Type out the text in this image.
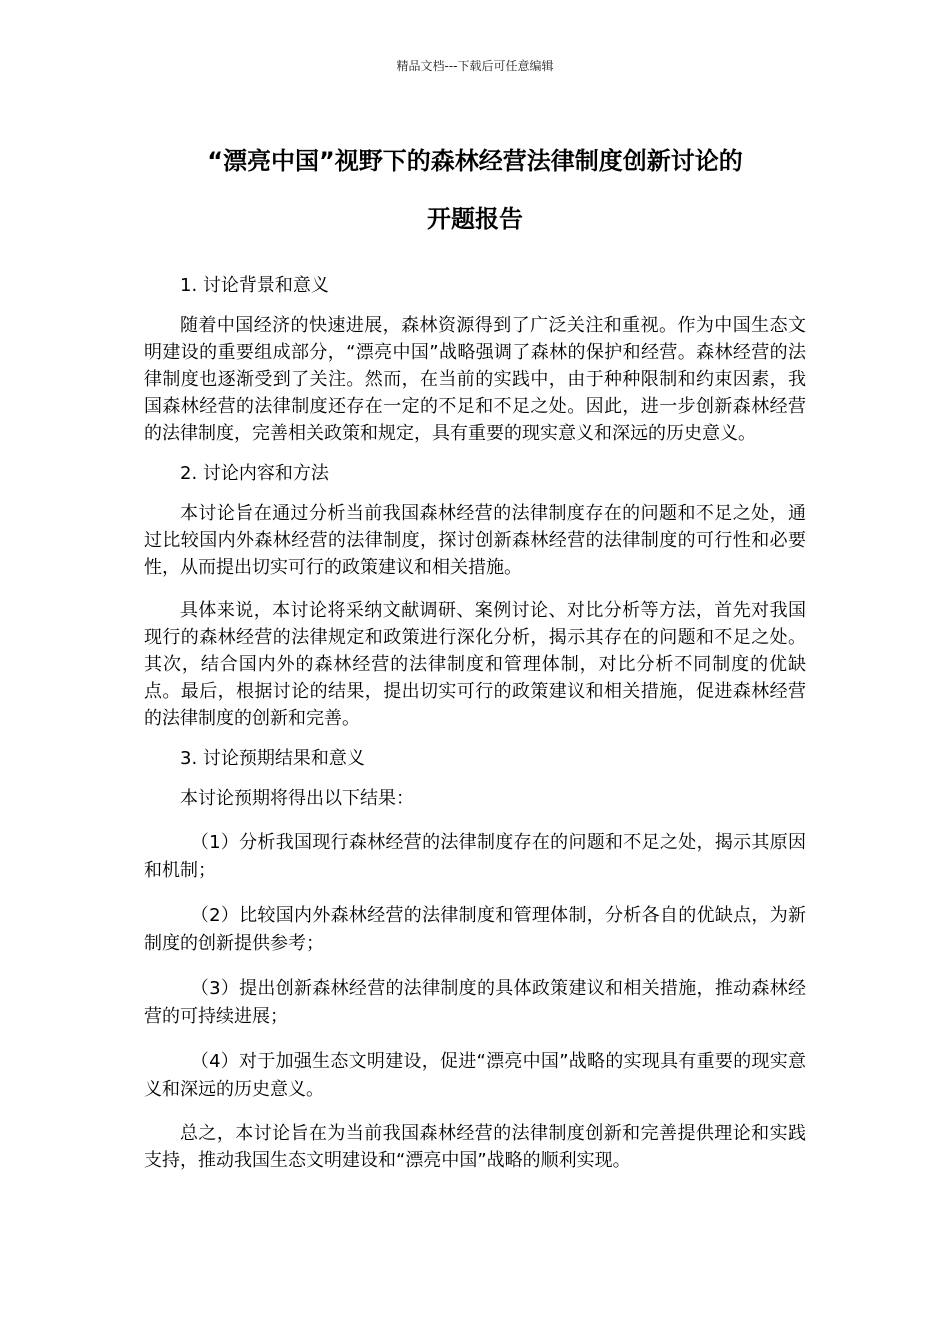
精品文档---下载后可任意编辑
“漂亮中国”视野下的森林经营法律制度创新讨论的
开题报告

1. 讨论背景和意义

随着中国经济的快速进展，森林资源得到了广泛关注和重视。作为中国生态文明建设的重要组成部分，“漂亮中国”战略强调了森林的保护和经营。森林经营的法律制度也逐渐受到了关注。然而，在当前的实践中，由于种种限制和约束因素，我国森林经营的法律制度还存在一定的不足和不足之处。因此，进一步创新森林经营的法律制度，完善相关政策和规定，具有重要的现实意义和深远的历史意义。

2. 讨论内容和方法

本讨论旨在通过分析当前我国森林经营的法律制度存在的问题和不足之处，通过比较国内外森林经营的法律制度，探讨创新森林经营的法律制度的可行性和必要性，从而提出切实可行的政策建议和相关措施。

具体来说，本讨论将采纳文献调研、案例讨论、对比分析等方法，首先对我国现行的森林经营的法律规定和政策进行深化分析，揭示其存在的问题和不足之处。其次，结合国内外的森林经营的法律制度和管理体制，对比分析不同制度的优缺点。最后，根据讨论的结果，提出切实可行的政策建议和相关措施，促进森林经营的法律制度的创新和完善。

3. 讨论预期结果和意义

本讨论预期将得出以下结果：

（1）分析我国现行森林经营的法律制度存在的问题和不足之处，揭示其原因和机制；

（2）比较国内外森林经营的法律制度和管理体制，分析各自的优缺点，为新制度的创新提供参考；

（3）提出创新森林经营的法律制度的具体政策建议和相关措施，推动森林经营的可持续进展；

（4）对于加强生态文明建设，促进“漂亮中国”战略的实现具有重要的现实意义和深远的历史意义。

总之，本讨论旨在为当前我国森林经营的法律制度创新和完善提供理论和实践支持，推动我国生态文明建设和“漂亮中国”战略的顺利实现。
